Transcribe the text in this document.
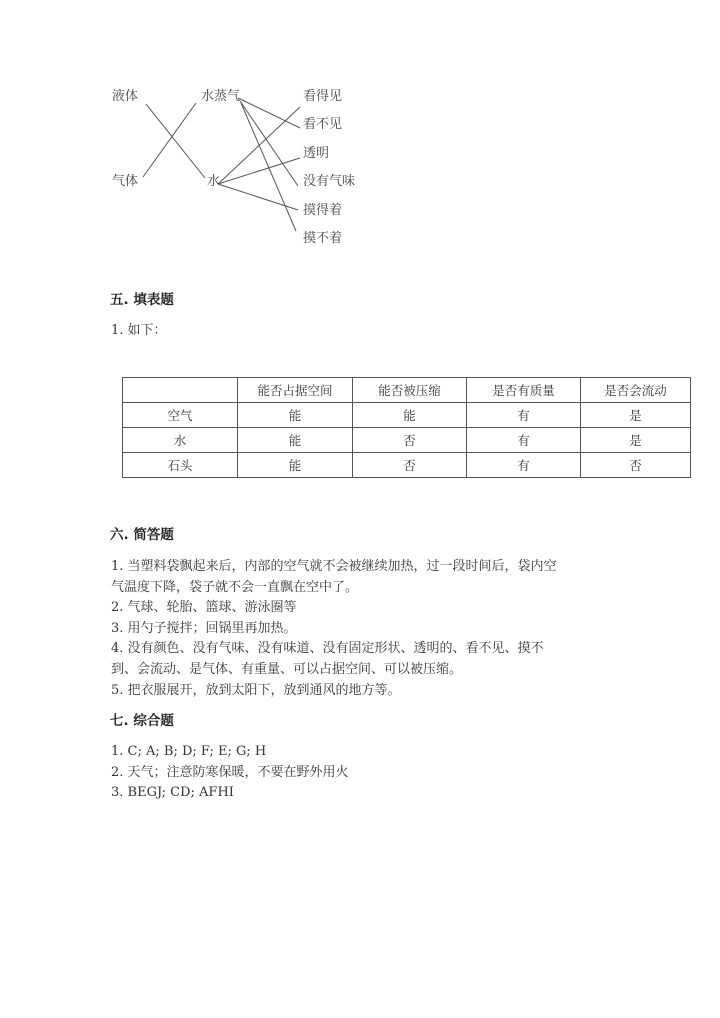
液体
气体
水蒸气
水
看得见
看不见
透明
没有气味
摸得着
摸不着
五. 填表题
1. 如下：
	能否占据空间	能否被压缩	是否有质量	是否会流动
空气	能	能	有	是
水	能	否	有	是
石头	能	否	有	否
六. 简答题
1. 当塑料袋飘起来后，内部的空气就不会被继续加热，过一段时间后，袋内空
气温度下降，袋子就不会一直飘在空中了。
2. 气球、轮胎、篮球、游泳圈等
3. 用勺子搅拌；回锅里再加热。
4. 没有颜色、没有气味、没有味道、没有固定形状、透明的、看不见、摸不
到、会流动、是气体、有重量、可以占据空间、可以被压缩。
5. 把衣服展开，放到太阳下，放到通风的地方等。
七. 综合题
1. C; A; B; D; F; E; G; H
2. 天气；注意防寒保暖，不要在野外用火
3. BEGJ; CD; AFHI
